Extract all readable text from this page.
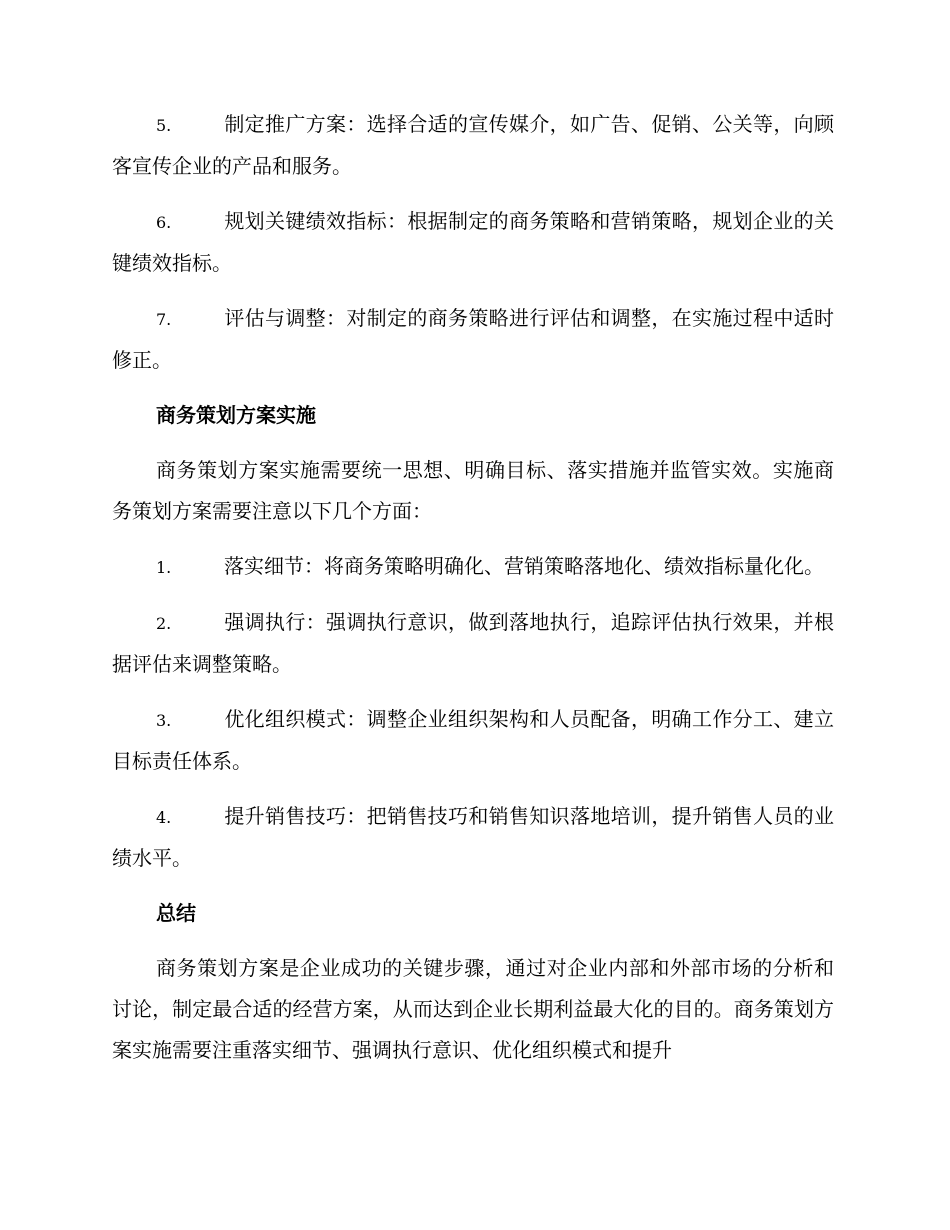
5.	制定推广方案：选择合适的宣传媒介，如广告、促销、公关等，向顾客宣传企业的产品和服务。
6.	规划关键绩效指标：根据制定的商务策略和营销策略，规划企业的关键绩效指标。
7.	评估与调整：对制定的商务策略进行评估和调整，在实施过程中适时修正。
商务策划方案实施
商务策划方案实施需要统一思想、明确目标、落实措施并监管实效。实施商务策划方案需要注意以下几个方面：
1.	落实细节：将商务策略明确化、营销策略落地化、绩效指标量化化。
2.	强调执行：强调执行意识，做到落地执行，追踪评估执行效果，并根据评估来调整策略。
3.	优化组织模式：调整企业组织架构和人员配备，明确工作分工、建立目标责任体系。
4.	提升销售技巧：把销售技巧和销售知识落地培训，提升销售人员的业绩水平。
总结
商务策划方案是企业成功的关键步骤，通过对企业内部和外部市场的分析和讨论，制定最合适的经营方案，从而达到企业长期利益最大化的目的。商务策划方案实施需要注重落实细节、强调执行意识、优化组织模式和提升
